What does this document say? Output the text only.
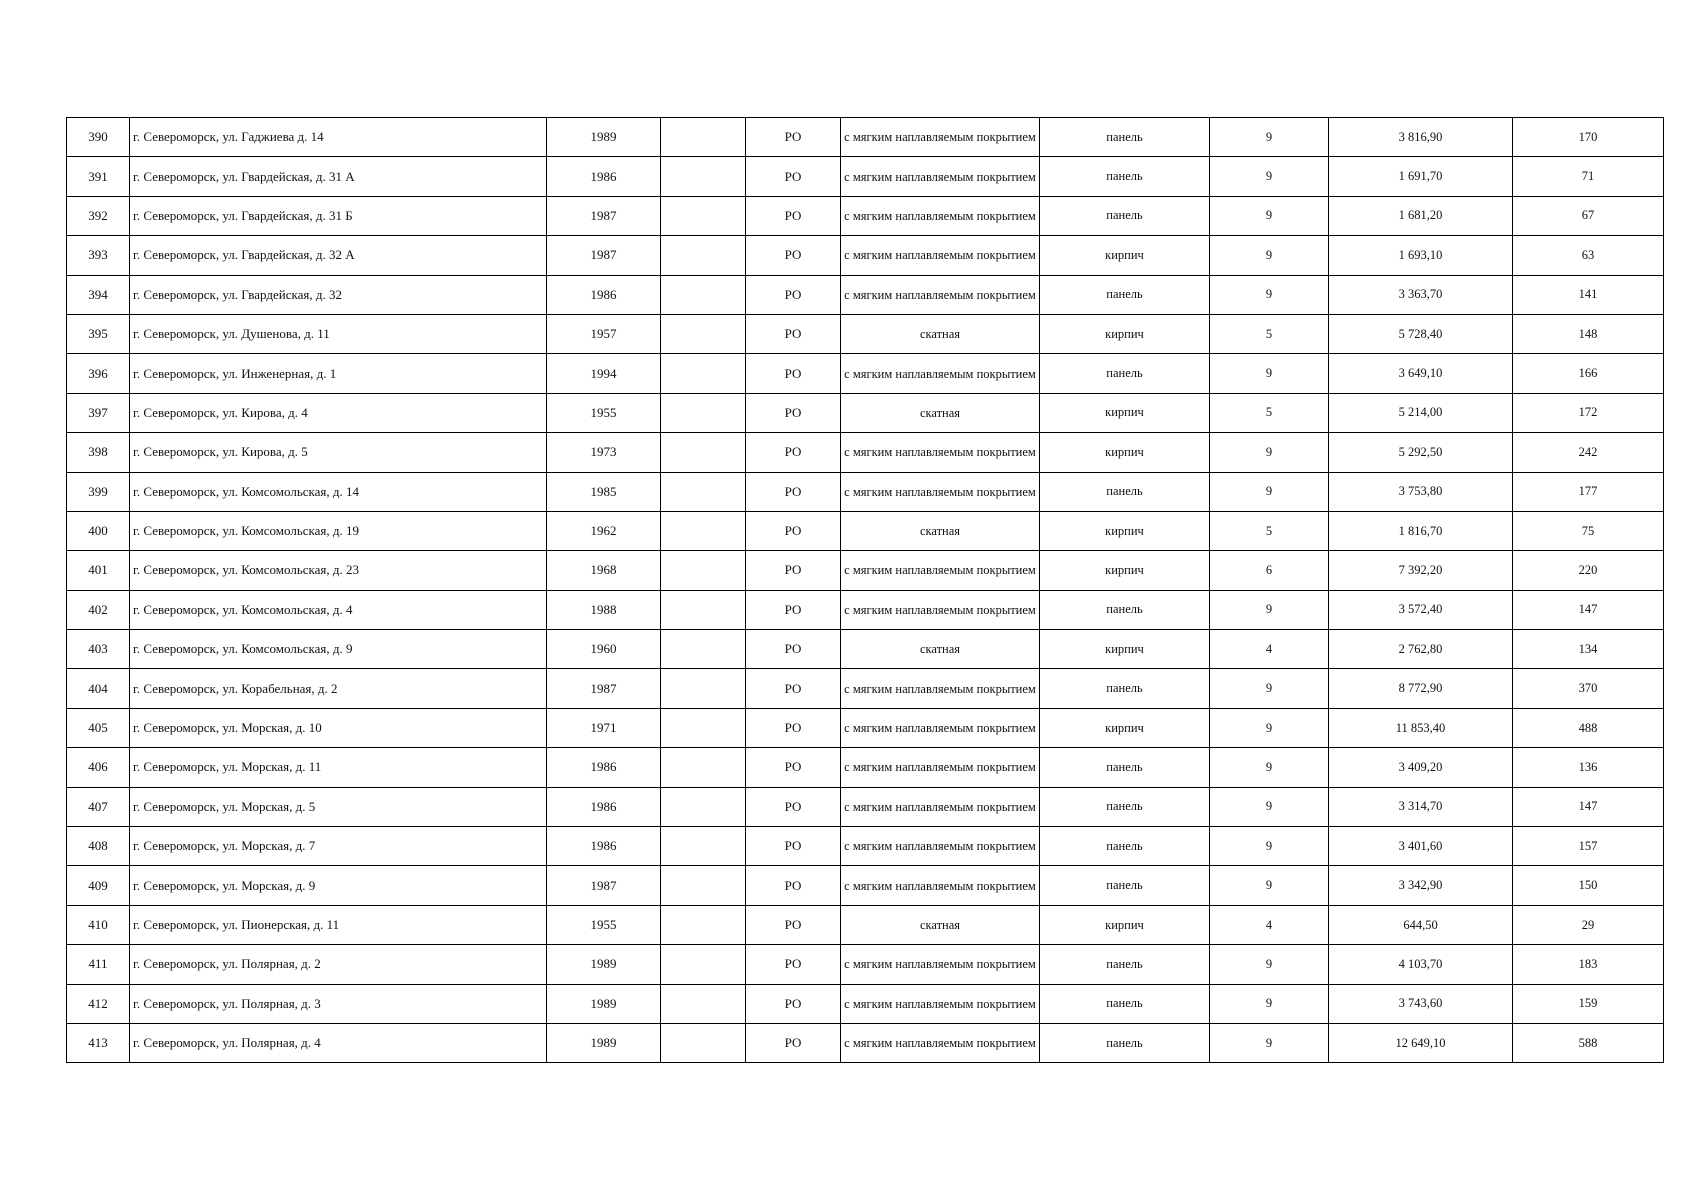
390	г. Североморск, ул. Гаджиева д. 14	1989		РО	с мягким наплавляемым покрытием	панель	9	3 816,90	170
391	г. Североморск, ул. Гвардейская, д. 31 А	1986		РО	с мягким наплавляемым покрытием	панель	9	1 691,70	71
392	г. Североморск, ул. Гвардейская, д. 31 Б	1987		РО	с мягким наплавляемым покрытием	панель	9	1 681,20	67
393	г. Североморск, ул. Гвардейская, д. 32 А	1987		РО	с мягким наплавляемым покрытием	кирпич	9	1 693,10	63
394	г. Североморск, ул. Гвардейская, д. 32	1986		РО	с мягким наплавляемым покрытием	панель	9	3 363,70	141
395	г. Североморск, ул. Душенова, д. 11	1957		РО	скатная	кирпич	5	5 728,40	148
396	г. Североморск, ул. Инженерная, д. 1	1994		РО	с мягким наплавляемым покрытием	панель	9	3 649,10	166
397	г. Североморск, ул. Кирова, д. 4	1955		РО	скатная	кирпич	5	5 214,00	172
398	г. Североморск, ул. Кирова, д. 5	1973		РО	с мягким наплавляемым покрытием	кирпич	9	5 292,50	242
399	г. Североморск, ул. Комсомольская, д. 14	1985		РО	с мягким наплавляемым покрытием	панель	9	3 753,80	177
400	г. Североморск, ул. Комсомольская, д. 19	1962		РО	скатная	кирпич	5	1 816,70	75
401	г. Североморск, ул. Комсомольская, д. 23	1968		РО	с мягким наплавляемым покрытием	кирпич	6	7 392,20	220
402	г. Североморск, ул. Комсомольская, д. 4	1988		РО	с мягким наплавляемым покрытием	панель	9	3 572,40	147
403	г. Североморск, ул. Комсомольская, д. 9	1960		РО	скатная	кирпич	4	2 762,80	134
404	г. Североморск, ул. Корабельная, д. 2	1987		РО	с мягким наплавляемым покрытием	панель	9	8 772,90	370
405	г. Североморск, ул. Морская, д. 10	1971		РО	с мягким наплавляемым покрытием	кирпич	9	11 853,40	488
406	г. Североморск, ул. Морская, д. 11	1986		РО	с мягким наплавляемым покрытием	панель	9	3 409,20	136
407	г. Североморск, ул. Морская, д. 5	1986		РО	с мягким наплавляемым покрытием	панель	9	3 314,70	147
408	г. Североморск, ул. Морская, д. 7	1986		РО	с мягким наплавляемым покрытием	панель	9	3 401,60	157
409	г. Североморск, ул. Морская, д. 9	1987		РО	с мягким наплавляемым покрытием	панель	9	3 342,90	150
410	г. Североморск, ул. Пионерская, д. 11	1955		РО	скатная	кирпич	4	644,50	29
411	г. Североморск, ул. Полярная, д. 2	1989		РО	с мягким наплавляемым покрытием	панель	9	4 103,70	183
412	г. Североморск, ул. Полярная, д. 3	1989		РО	с мягким наплавляемым покрытием	панель	9	3 743,60	159
413	г. Североморск, ул. Полярная, д. 4	1989		РО	с мягким наплавляемым покрытием	панель	9	12 649,10	588
